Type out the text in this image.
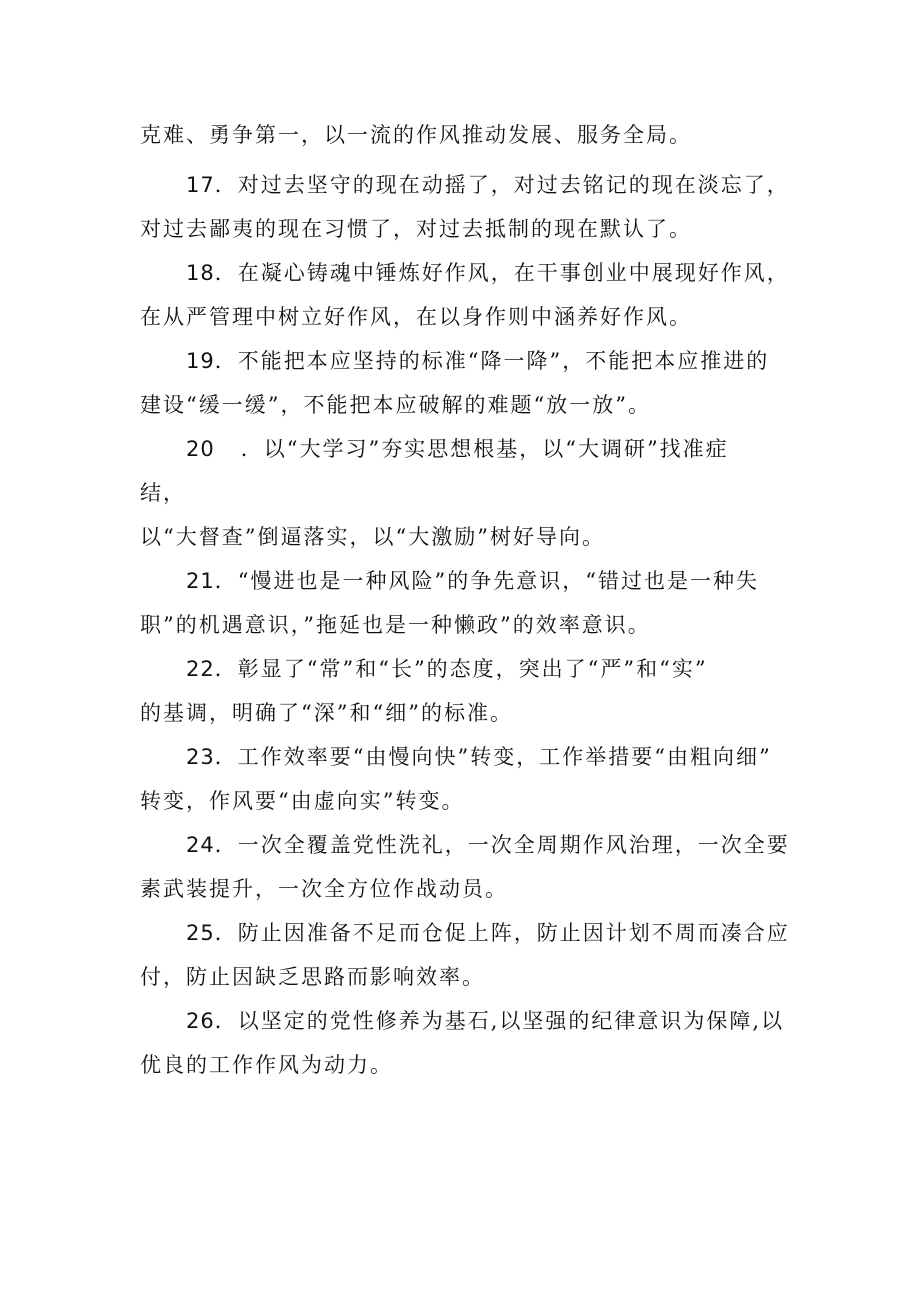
克难、勇争第一，以一流的作风推动发展、服务全局。
17．对过去坚守的现在动摇了，对过去铭记的现在淡忘了，
对过去鄙夷的现在习惯了，对过去抵制的现在默认了。
18．在凝心铸魂中锤炼好作风，在干事创业中展现好作风，
在从严管理中树立好作风，在以身作则中涵养好作风。
19．不能把本应坚持的标准“降一降”，不能把本应推进的
建设“缓一缓”，不能把本应破解的难题“放一放”。
20 ．以“大学习”夯实思想根基，以“大调研”找准症
结，
以“大督查”倒逼落实，以“大激励”树好导向。
21．“慢进也是一种风险”的争先意识，“错过也是一种失
职”的机遇意识，”拖延也是一种懒政”的效率意识。
22．彰显了“常”和“长”的态度，突出了“严”和“实”
的基调，明确了“深”和“细”的标准。
23．工作效率要“由慢向快”转变，工作举措要“由粗向细”
转变，作风要“由虚向实”转变。
24．一次全覆盖党性洗礼，一次全周期作风治理，一次全要
素武装提升，一次全方位作战动员。
25．防止因准备不足而仓促上阵，防止因计划不周而凑合应
付，防止因缺乏思路而影响效率。
26．以坚定的党性修养为基石,以坚强的纪律意识为保障,以
优良的工作作风为动力。
